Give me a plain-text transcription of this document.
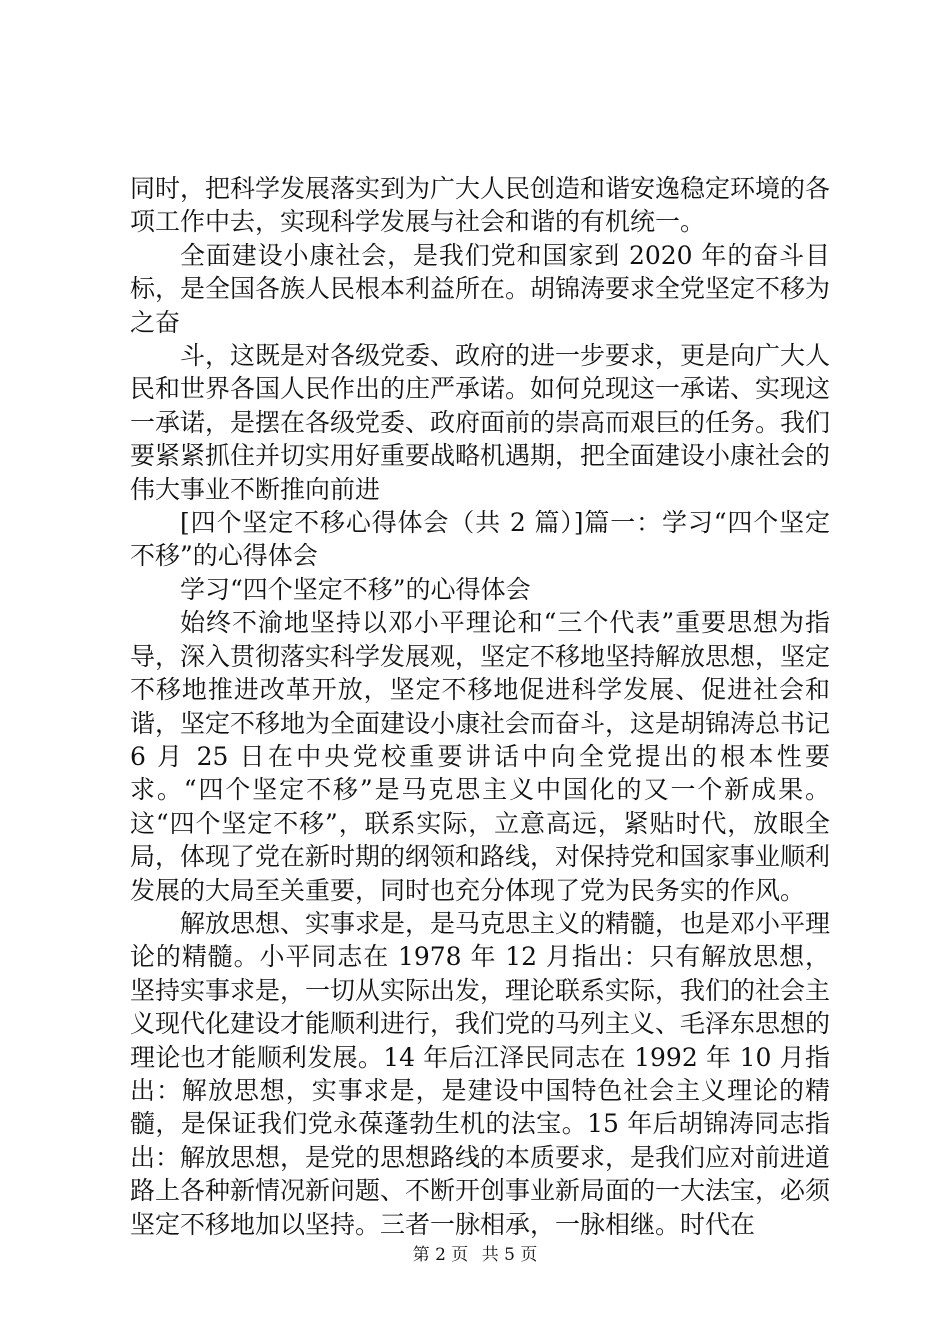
同时，把科学发展落实到为广大人民创造和谐安逸稳定环境的各项工作中去，实现科学发展与社会和谐的有机统一。

全面建设小康社会，是我们党和国家到 2020 年的奋斗目标，是全国各族人民根本利益所在。胡锦涛要求全党坚定不移为之奋

斗，这既是对各级党委、政府的进一步要求，更是向广大人民和世界各国人民作出的庄严承诺。如何兑现这一承诺、实现这一承诺，是摆在各级党委、政府面前的崇高而艰巨的任务。我们要紧紧抓住并切实用好重要战略机遇期，把全面建设小康社会的伟大事业不断推向前进

[四个坚定不移心得体会（共 2 篇）]篇一：学习“四个坚定不移”的心得体会

学习“四个坚定不移”的心得体会

始终不渝地坚持以邓小平理论和“三个代表”重要思想为指导，深入贯彻落实科学发展观，坚定不移地坚持解放思想，坚定不移地推进改革开放，坚定不移地促进科学发展、促进社会和谐，坚定不移地为全面建设小康社会而奋斗，这是胡锦涛总书记 6 月 25 日在中央党校重要讲话中向全党提出的根本性要求。“四个坚定不移”是马克思主义中国化的又一个新成果。这“四个坚定不移”，联系实际，立意高远，紧贴时代，放眼全局，体现了党在新时期的纲领和路线，对保持党和国家事业顺利发展的大局至关重要，同时也充分体现了党为民务实的作风。

解放思想、实事求是，是马克思主义的精髓，也是邓小平理论的精髓。小平同志在 1978 年 12 月指出：只有解放思想，坚持实事求是，一切从实际出发，理论联系实际，我们的社会主义现代化建设才能顺利进行，我们党的马列主义、毛泽东思想的理论也才能顺利发展。14 年后江泽民同志在 1992 年 10 月指出：解放思想，实事求是，是建设中国特色社会主义理论的精髓，是保证我们党永葆蓬勃生机的法宝。15 年后胡锦涛同志指出：解放思想，是党的思想路线的本质要求，是我们应对前进道路上各种新情况新问题、不断开创事业新局面的一大法宝，必须坚定不移地加以坚持。三者一脉相承，一脉相继。时代在

第 2 页 共 5 页
